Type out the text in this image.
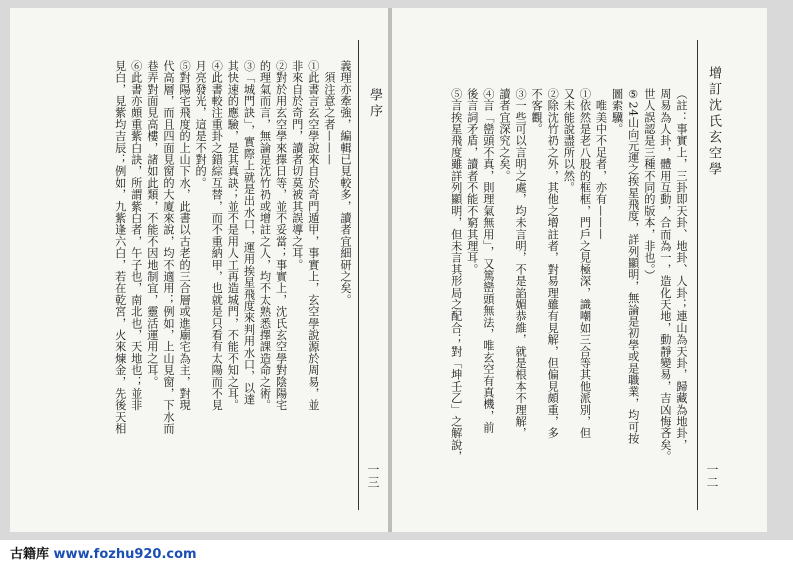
學序
一三
義理亦牽強，編輯已見較多，讀者宜細研之矣。
　須注意之者———
①此書言玄空學說來自於奇門遁甲，事實上，玄空學說源於周易，並
非來自於奇門，讀者切莫被其誤導之耳。
②對於用玄空學來擇日等，並不妥當；事實上，沈氏玄空學對陰陽宅
的理氣而言，無論是沈竹礽或增註之人，均不太熟悉擇課造命之術。
③「城門訣」，實際上就是出水口，運用挨星飛度來判用水口，以達
其快速的應驗，是其真訣；並不是用人工再造城門，不能不知之耳。
④此書較注重卦之錯綜互替，而不重納甲，也就是只看有太陽而不見
月亮發光，這是不對的。
⑤對陽宅飛度的上山下水，此書以古老的三合層或進廟宅為主，對現
代高層，而且四面見窗的大廈來說，均不適用；例如，上山見窗，下水而
巷弄對面見高樓，諸如此類，不能不因地制宜，靈活運用之耳。
⑥此書亦頗重紫白訣，所謂紫白者，午子也，南北也，天地也；並非
見白，見紫均吉辰；例如，九紫逢六白，若在乾宮，火來煉金，先後天相	增訂沈氏玄空學
一二
（註：事實上，三卦即天卦、地卦、人卦；連山為天卦，歸藏為地卦，
周易為人卦，體用互動，合而為一，造化天地，動靜變易，吉凶悔吝矣。
世人誤認是三種不同的版本，非也。）
⑤24山向元運之挨星飛度，詳列顯明，無論是初學或是職業，均可按
圖索驥。
　唯美中不足者，亦有———
①依然是老八股的框框，門戶之見極深，識嘲如三合等其他派別，但
又未能說盡所以然。
②除沈竹礽之外，其他之增註者，對易理雖有見解，但偏見頗重，多
不客觀。
③一些可以言明之處，均未言明，不是諂媚恭維，就是根本不理解，
讀者宜深究之矣。
④言「巒頭不真，則理氣無用」，又篤巒頭無法，唯玄空有真機，前
後言詞矛盾，讀者不能不窮其理耳。
⑤言挨星飛度雖詳列顯明，但未言其形局之配合；對「坤壬乙」之解說，
古籍库 www.fozhu920.com
